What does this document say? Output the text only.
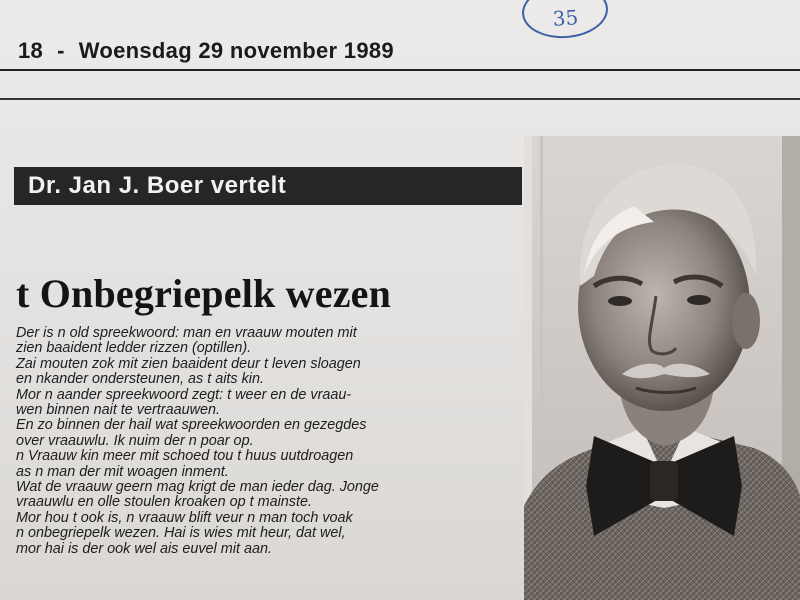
35
18 - Woensdag 29 november 1989
Dr. Jan J. Boer vertelt
t Onbegriepelk wezen
Der is n old spreekwoord: man en vraauw mouten mit
zien baaident ledder rizzen (optillen).
Zai mouten zok mit zien baaident deur t leven sloagen
en nkander ondersteunen, as t aits kin.
Mor n aander spreekwoord zegt: t weer en de vraau-
wen binnen nait te vertraauwen.
En zo binnen der hail wat spreekwoorden en gezegdes
over vraauwlu. Ik nuim der n poar op.
n Vraauw kin meer mit schoed tou t huus uutdroagen
as n man der mit woagen inment.
Wat de vraauw geern mag krigt de man ieder dag. Jonge
vraauwlu en olle stoulen kroaken op t mainste.
Mor hou t ook is, n vraauw blift veur n man toch voak
n onbegriepelk wezen. Hai is wies mit heur, dat wel,
mor hai is der ook wel ais euvel mit aan.
